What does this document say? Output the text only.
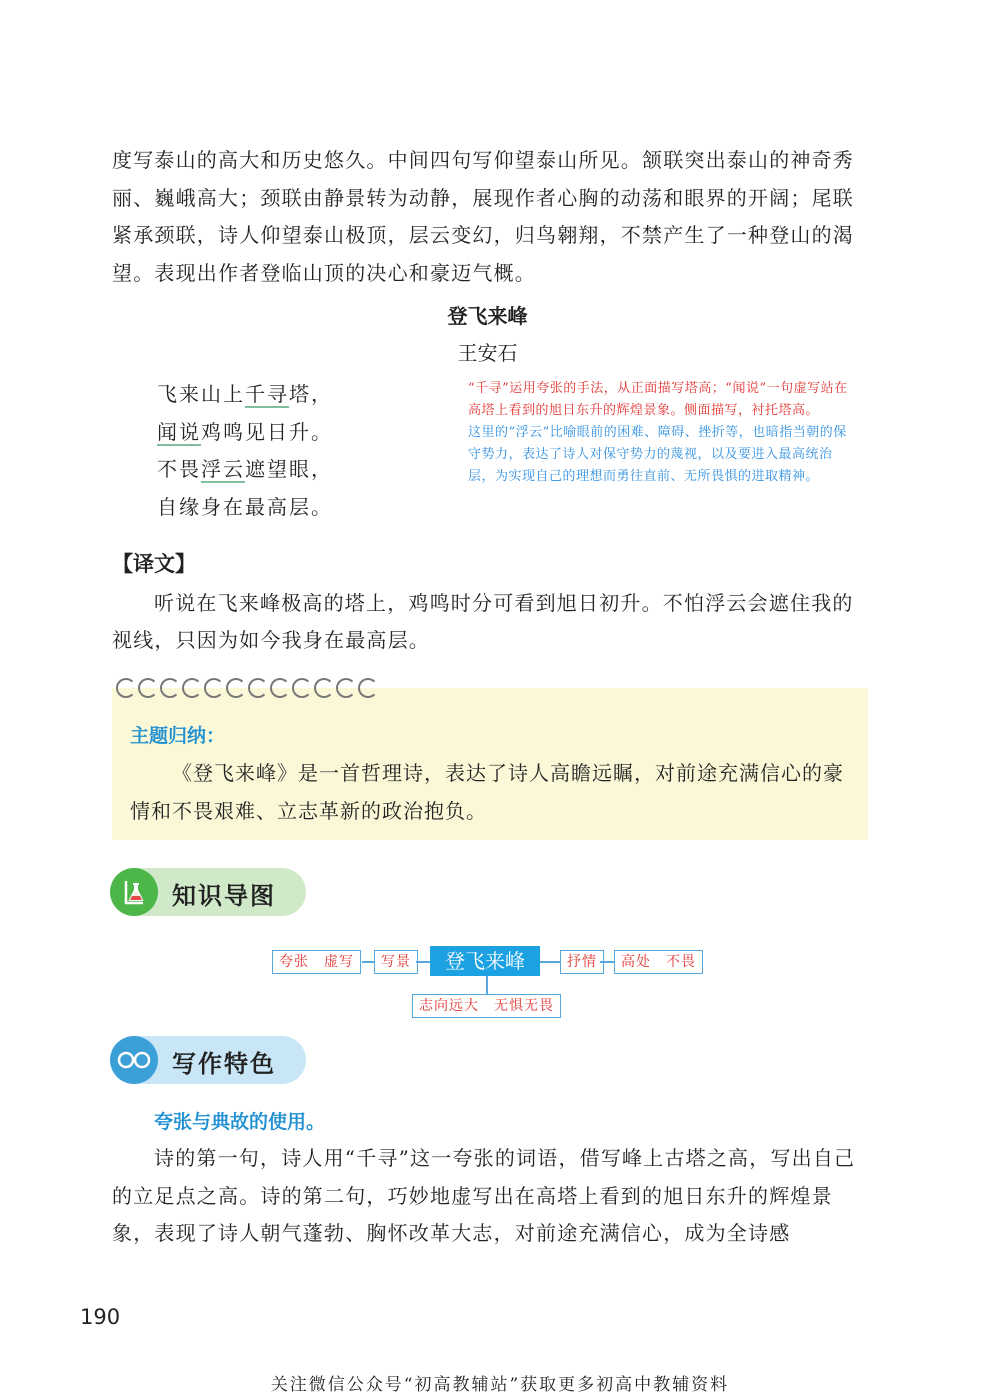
度写泰山的高大和历史悠久。中间四句写仰望泰山所见。颔联突出泰山的神奇秀丽、巍峨高大；颈联由静景转为动静，展现作者心胸的动荡和眼界的开阔；尾联紧承颈联，诗人仰望泰山极顶，层云变幻，归鸟翱翔，不禁产生了一种登山的渴望。表现出作者登临山顶的决心和豪迈气概。
登飞来峰
王安石
飞来山上千寻塔，
闻说鸡鸣见日升。
不畏浮云遮望眼，
自缘身在最高层。
“千寻”运用夸张的手法，从正面描写塔高；“闻说”一句虚写站在高塔上看到的旭日东升的辉煌景象。侧面描写，衬托塔高。
这里的“浮云”比喻眼前的困难、障碍、挫折等，也暗指当朝的保守势力，表达了诗人对保守势力的蔑视，以及要进入最高统治层，为实现自己的理想而勇往直前、无所畏惧的进取精神。
【译文】
听说在飞来峰极高的塔上，鸡鸣时分可看到旭日初升。不怕浮云会遮住我的视线，只因为如今我身在最高层。
主题归纳：
《登飞来峰》是一首哲理诗，表达了诗人高瞻远瞩，对前途充满信心的豪情和不畏艰难、立志革新的政治抱负。
知识导图
夸张　虚写	写景	登飞来峰	抒情	高处　不畏
志向远大　无惧无畏
写作特色
夸张与典故的使用。
诗的第一句，诗人用“千寻”这一夸张的词语，借写峰上古塔之高，写出自己的立足点之高。诗的第二句，巧妙地虚写出在高塔上看到的旭日东升的辉煌景象，表现了诗人朝气蓬勃、胸怀改革大志，对前途充满信心，成为全诗感
190
关注微信公众号“初高教辅站”获取更多初高中教辅资料
